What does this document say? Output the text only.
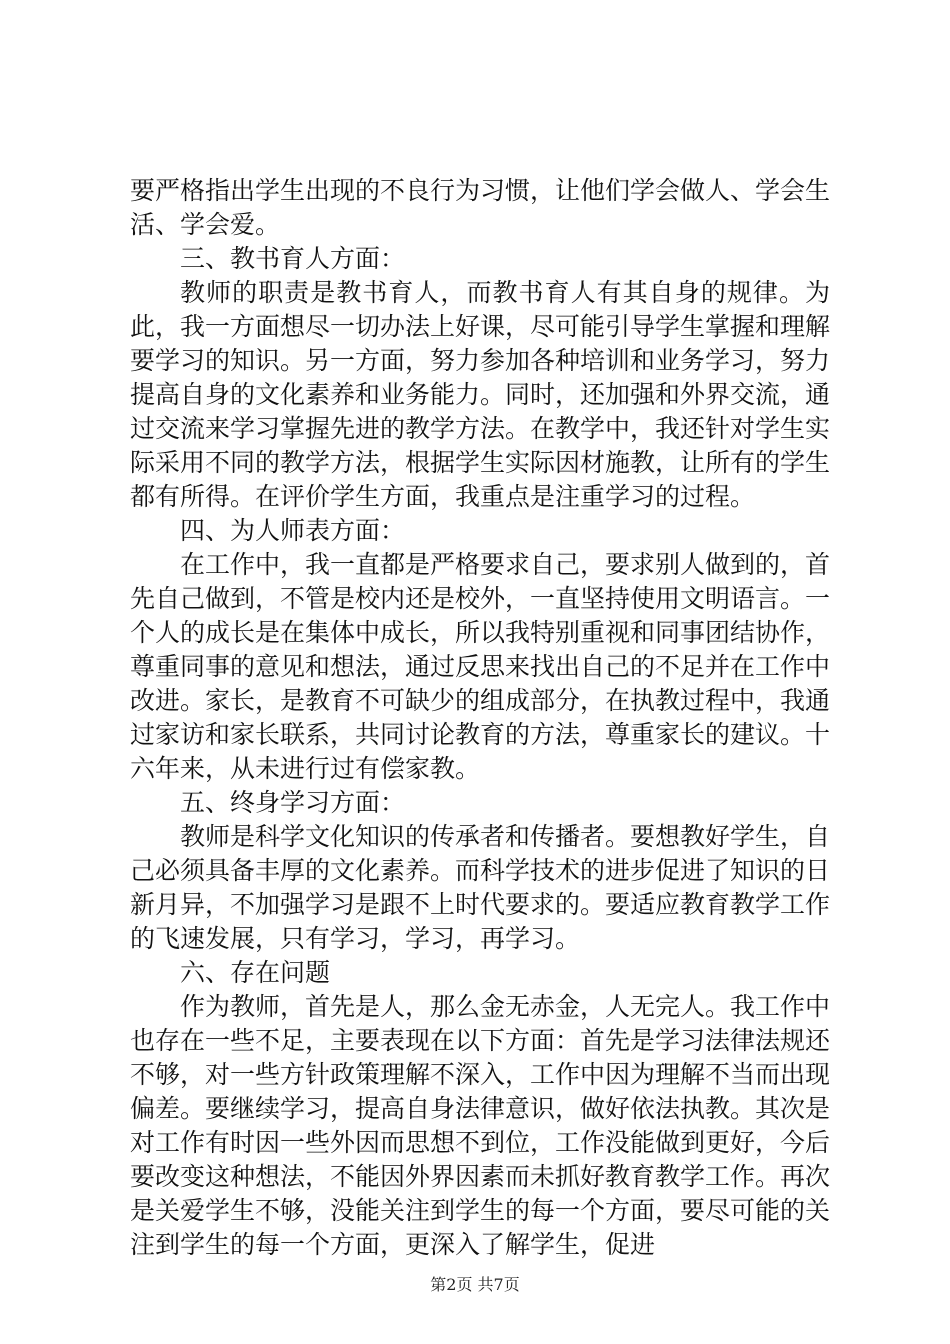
要严格指出学生出现的不良行为习惯，让他们学会做人、学会生活、学会爱。

三、教书育人方面：

教师的职责是教书育人，而教书育人有其自身的规律。为此，我一方面想尽一切办法上好课，尽可能引导学生掌握和理解要学习的知识。另一方面，努力参加各种培训和业务学习，努力提高自身的文化素养和业务能力。同时，还加强和外界交流，通过交流来学习掌握先进的教学方法。在教学中，我还针对学生实际采用不同的教学方法，根据学生实际因材施教，让所有的学生都有所得。在评价学生方面，我重点是注重学习的过程。

四、为人师表方面：

在工作中，我一直都是严格要求自己，要求别人做到的，首先自己做到，不管是校内还是校外，一直坚持使用文明语言。一个人的成长是在集体中成长，所以我特别重视和同事团结协作，尊重同事的意见和想法，通过反思来找出自己的不足并在工作中改进。家长，是教育不可缺少的组成部分，在执教过程中，我通过家访和家长联系，共同讨论教育的方法，尊重家长的建议。十六年来，从未进行过有偿家教。

五、终身学习方面：

教师是科学文化知识的传承者和传播者。要想教好学生，自己必须具备丰厚的文化素养。而科学技术的进步促进了知识的日新月异，不加强学习是跟不上时代要求的。要适应教育教学工作的飞速发展，只有学习，学习，再学习。

六、存在问题

作为教师，首先是人，那么金无赤金，人无完人。我工作中也存在一些不足，主要表现在以下方面：首先是学习法律法规还不够，对一些方针政策理解不深入，工作中因为理解不当而出现偏差。要继续学习，提高自身法律意识，做好依法执教。其次是对工作有时因一些外因而思想不到位，工作没能做到更好，今后要改变这种想法，不能因外界因素而未抓好教育教学工作。再次是关爱学生不够，没能关注到学生的每一个方面，要尽可能的关注到学生的每一个方面，更深入了解学生，促进

第2页 共7页
